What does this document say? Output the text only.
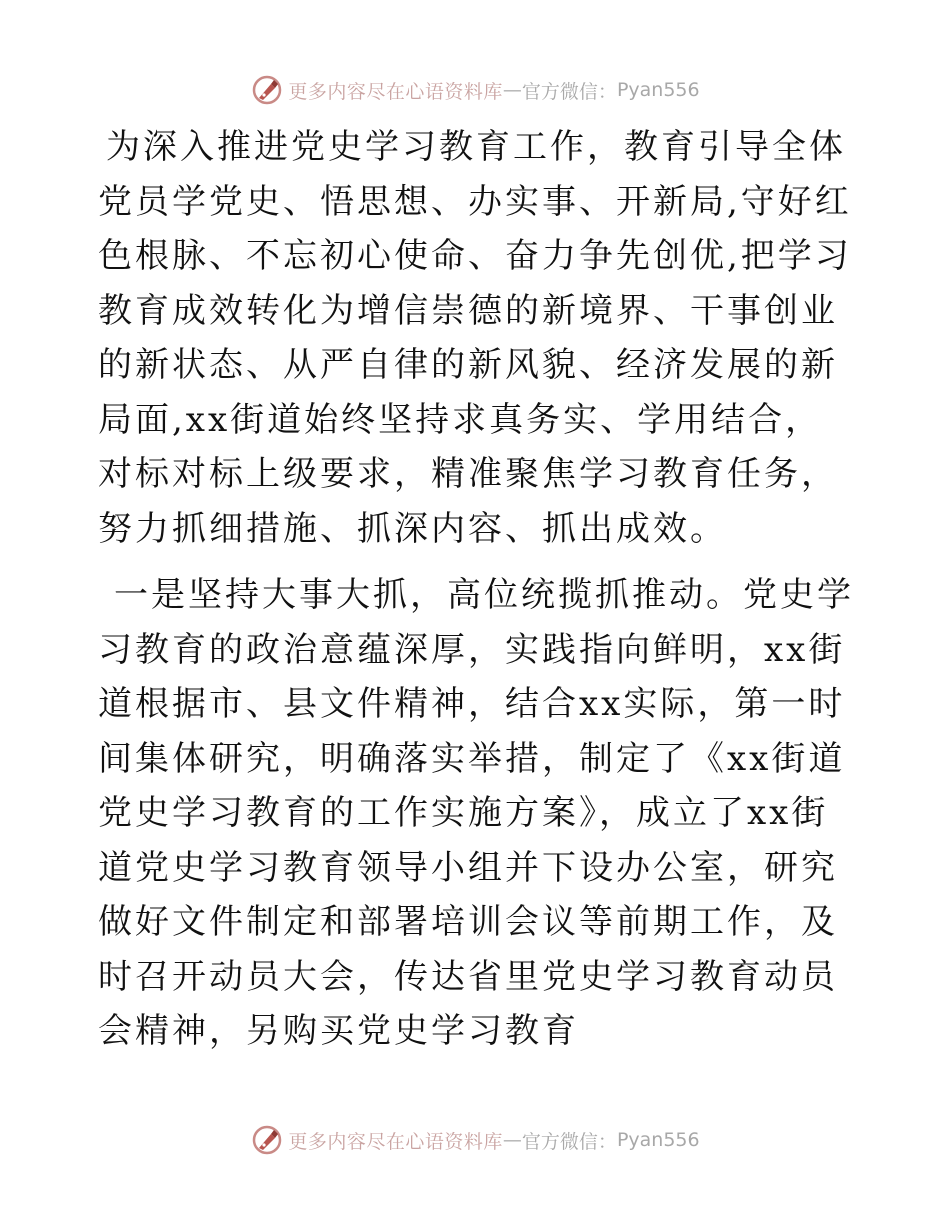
更多内容尽在心语资料库 — 官方微信： Pyan556

为深入推进党史学习教育工作，教育引导全体党员学党史、悟思想、办实事、开新局,守好红色根脉、不忘初心使命、奋力争先创优,把学习教育成效转化为增信崇德的新境界、干事创业的新状态、从严自律的新风貌、经济发展的新局面,xx街道始终坚持求真务实、学用结合，对标对标上级要求，精准聚焦学习教育任务，努力抓细措施、抓深内容、抓出成效。

一是坚持大事大抓，高位统揽抓推动。党史学习教育的政治意蕴深厚，实践指向鲜明，xx街道根据市、县文件精神，结合xx实际，第一时间集体研究，明确落实举措，制定了《xx街道党史学习教育的工作实施方案》，成立了xx街道党史学习教育领导小组并下设办公室，研究做好文件制定和部署培训会议等前期工作，及时召开动员大会，传达省里党史学习教育动员会精神，另购买党史学习教育

更多内容尽在心语资料库 — 官方微信： Pyan556
